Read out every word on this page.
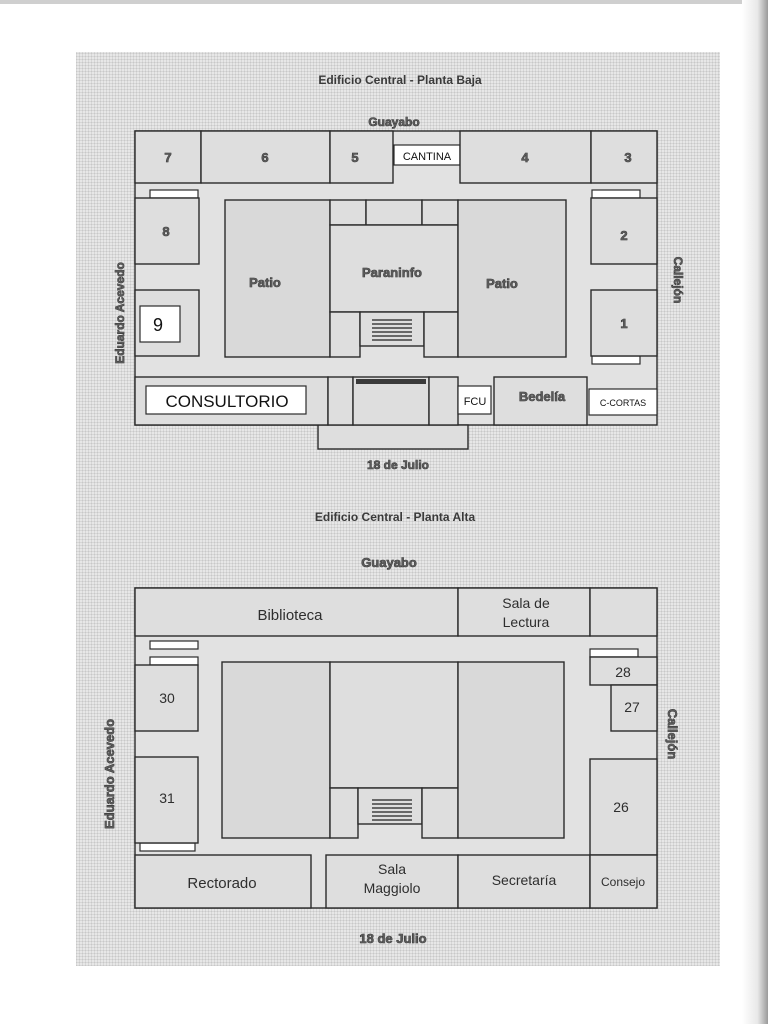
Edificio Central - Planta Baja
Guayabo
Eduardo Acevedo	Callejón
18 de Julio
7	6	5	CANTINA	4	3
8
9
2
1
Patio
Paraninfo
Patio
CONSULTORIO	FCU	Bedelía	C-CORTAS
Edificio Central - Planta Alta
Guayabo
Eduardo Acevedo	Callejón
18 de Julio
Biblioteca
Sala de
Lectura
30
31
28
27
26
Rectorado
Sala
Maggiolo	Secretaría	Consejo
